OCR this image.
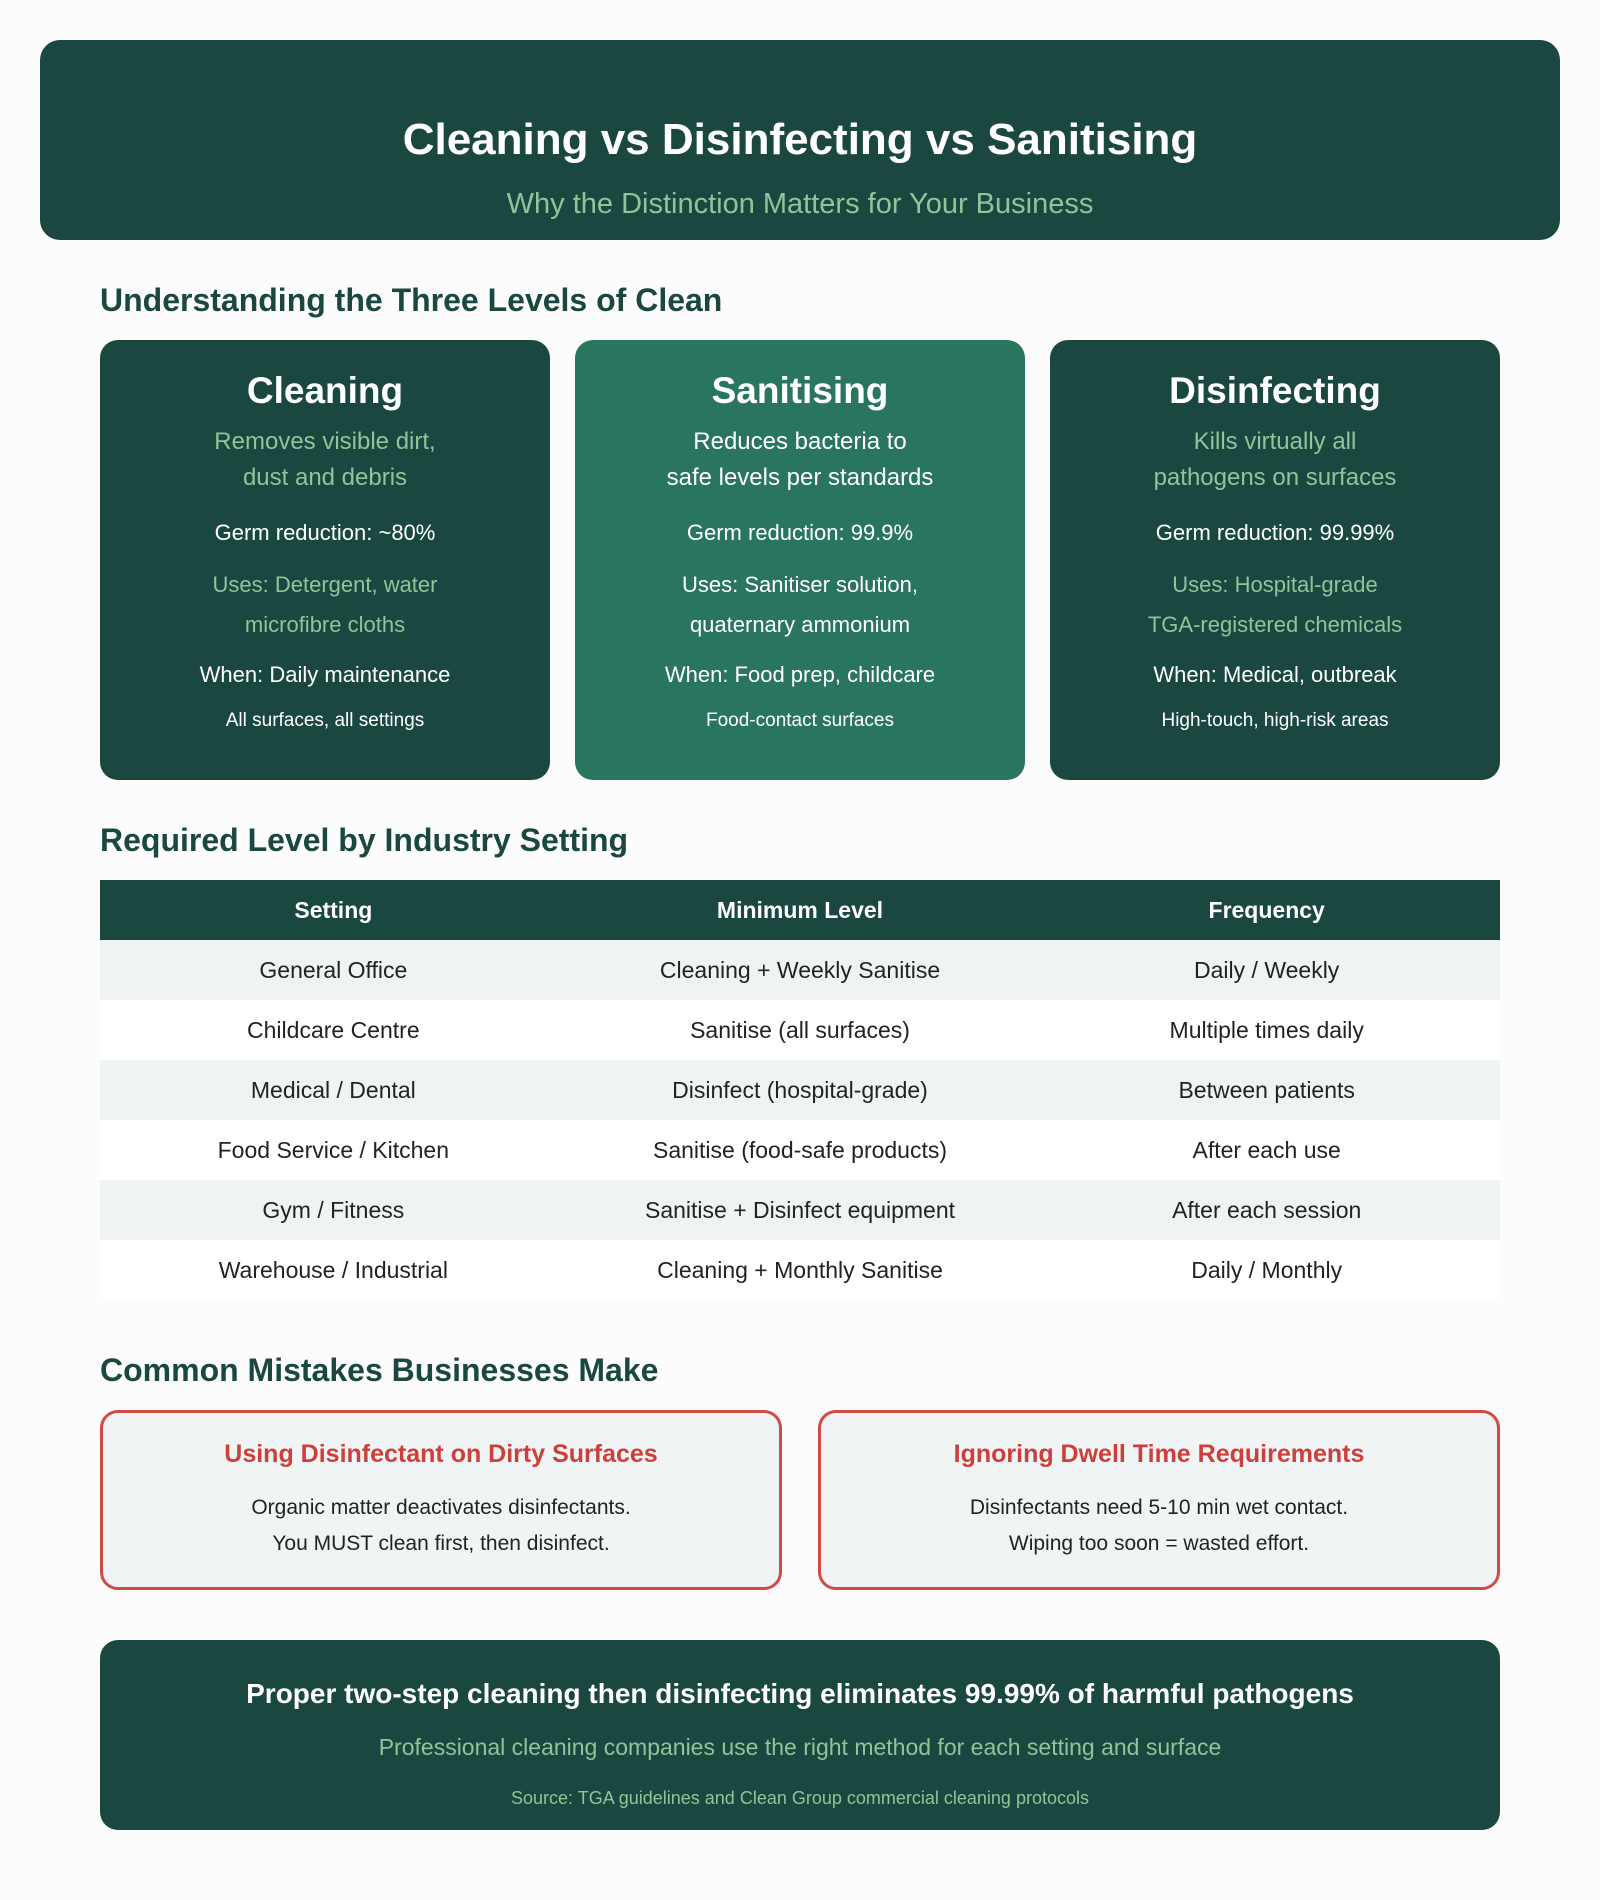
Cleaning vs Disinfecting vs Sanitising
Why the Distinction Matters for Your Business
Understanding the Three Levels of Clean
Cleaning
Removes visible dirt,
dust and debris
Germ reduction: ~80%
Uses: Detergent, water
microfibre cloths
When: Daily maintenance
All surfaces, all settings
Sanitising
Reduces bacteria to
safe levels per standards
Germ reduction: 99.9%
Uses: Sanitiser solution,
quaternary ammonium
When: Food prep, childcare
Food-contact surfaces
Disinfecting
Kills virtually all
pathogens on surfaces
Germ reduction: 99.99%
Uses: Hospital-grade
TGA-registered chemicals
When: Medical, outbreak
High-touch, high-risk areas
Required Level by Industry Setting
Setting	Minimum Level	Frequency
General Office	Cleaning + Weekly Sanitise	Daily / Weekly
Childcare Centre	Sanitise (all surfaces)	Multiple times daily
Medical / Dental	Disinfect (hospital-grade)	Between patients
Food Service / Kitchen	Sanitise (food-safe products)	After each use
Gym / Fitness	Sanitise + Disinfect equipment	After each session
Warehouse / Industrial	Cleaning + Monthly Sanitise	Daily / Monthly
Common Mistakes Businesses Make
Using Disinfectant on Dirty Surfaces
Organic matter deactivates disinfectants.
You MUST clean first, then disinfect.
Ignoring Dwell Time Requirements
Disinfectants need 5-10 min wet contact.
Wiping too soon = wasted effort.
Proper two-step cleaning then disinfecting eliminates 99.99% of harmful pathogens
Professional cleaning companies use the right method for each setting and surface
Source: TGA guidelines and Clean Group commercial cleaning protocols
